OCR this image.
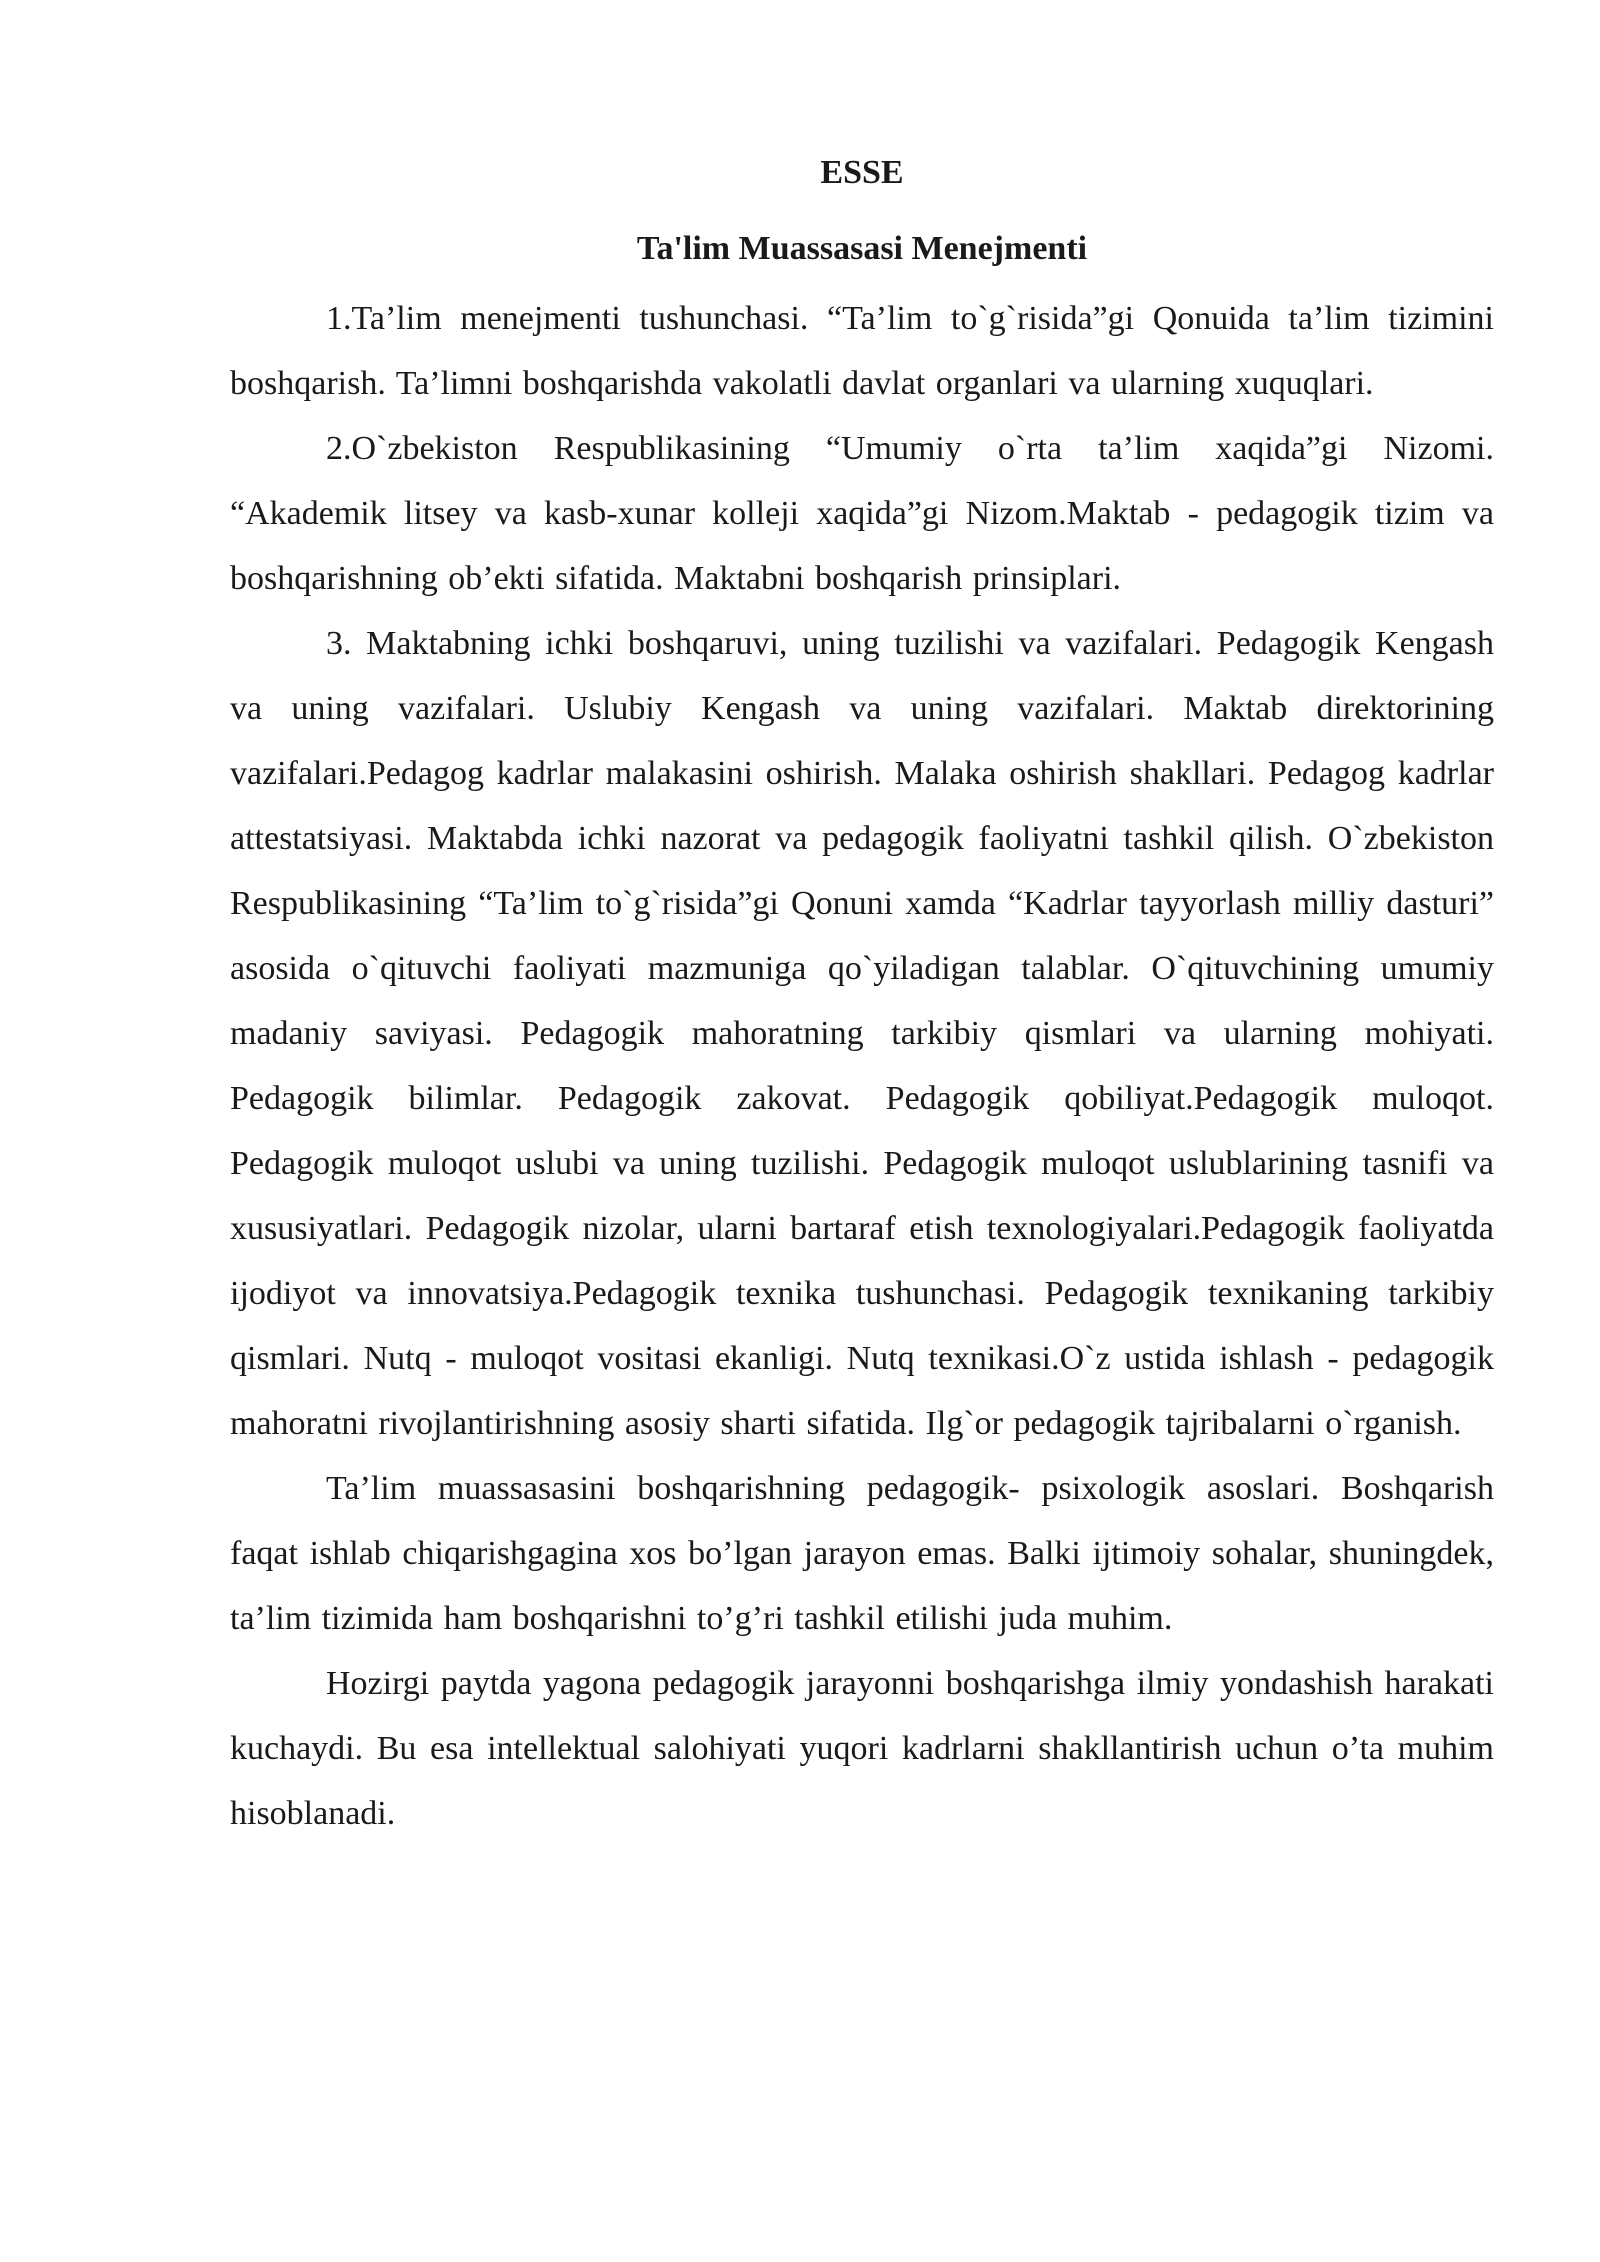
ESSE
Ta'lim Muassasasi Menejmenti

1.Ta’lim menejmenti tushunchasi. “Ta’lim to`g`risida”gi Qonuida ta’lim tizimini boshqarish. Ta’limni boshqarishda vakolatli davlat organlari va ularning xuquqlari.

2.O`zbekiston Respublikasining “Umumiy o`rta ta’lim xaqida”gi Nizomi. “Akademik litsey va kasb-xunar kolleji xaqida”gi Nizom.Maktab - pedagogik tizim va boshqarishning ob’ekti sifatida. Maktabni boshqarish prinsiplari.

3. Maktabning ichki boshqaruvi, uning tuzilishi va vazifalari. Pedagogik Kengash va uning vazifalari. Uslubiy Kengash va uning vazifalari. Maktab direktorining vazifalari.Pedagog kadrlar malakasini oshirish. Malaka oshirish shakllari. Pedagog kadrlar attestatsiyasi. Maktabda ichki nazorat va pedagogik faoliyatni tashkil qilish. O`zbekiston Respublikasining “Ta’lim to`g`risida”gi Qonuni xamda “Kadrlar tayyorlash milliy dasturi” asosida o`qituvchi faoliyati mazmuniga qo`yiladigan talablar. O`qituvchining umumiy madaniy saviyasi. Pedagogik mahoratning tarkibiy qismlari va ularning mohiyati. Pedagogik bilimlar. Pedagogik zakovat. Pedagogik qobiliyat.Pedagogik muloqot. Pedagogik muloqot uslubi va uning tuzilishi. Pedagogik muloqot uslublarining tasnifi va xususiyatlari. Pedagogik nizolar, ularni bartaraf etish texnologiyalari.Pedagogik faoliyatda ijodiyot va innovatsiya.Pedagogik texnika tushunchasi. Pedagogik texnikaning tarkibiy qismlari. Nutq - muloqot vositasi ekanligi. Nutq texnikasi.O`z ustida ishlash - pedagogik mahoratni rivojlantirishning asosiy sharti sifatida. Ilg`or pedagogik tajribalarni o`rganish.

Ta’lim muassasasini boshqarishning pedagogik- psixologik asoslari. Boshqarish faqat ishlab chiqarishgagina xos bo’lgan jarayon emas. Balki ijtimoiy sohalar, shuningdek, ta’lim tizimida ham boshqarishni to’g’ri tashkil etilishi juda muhim.

Hozirgi paytda yagona pedagogik jarayonni boshqarishga ilmiy yondashish harakati kuchaydi. Bu esa intellektual salohiyati yuqori kadrlarni shakllantirish uchun o’ta muhim hisoblanadi.
